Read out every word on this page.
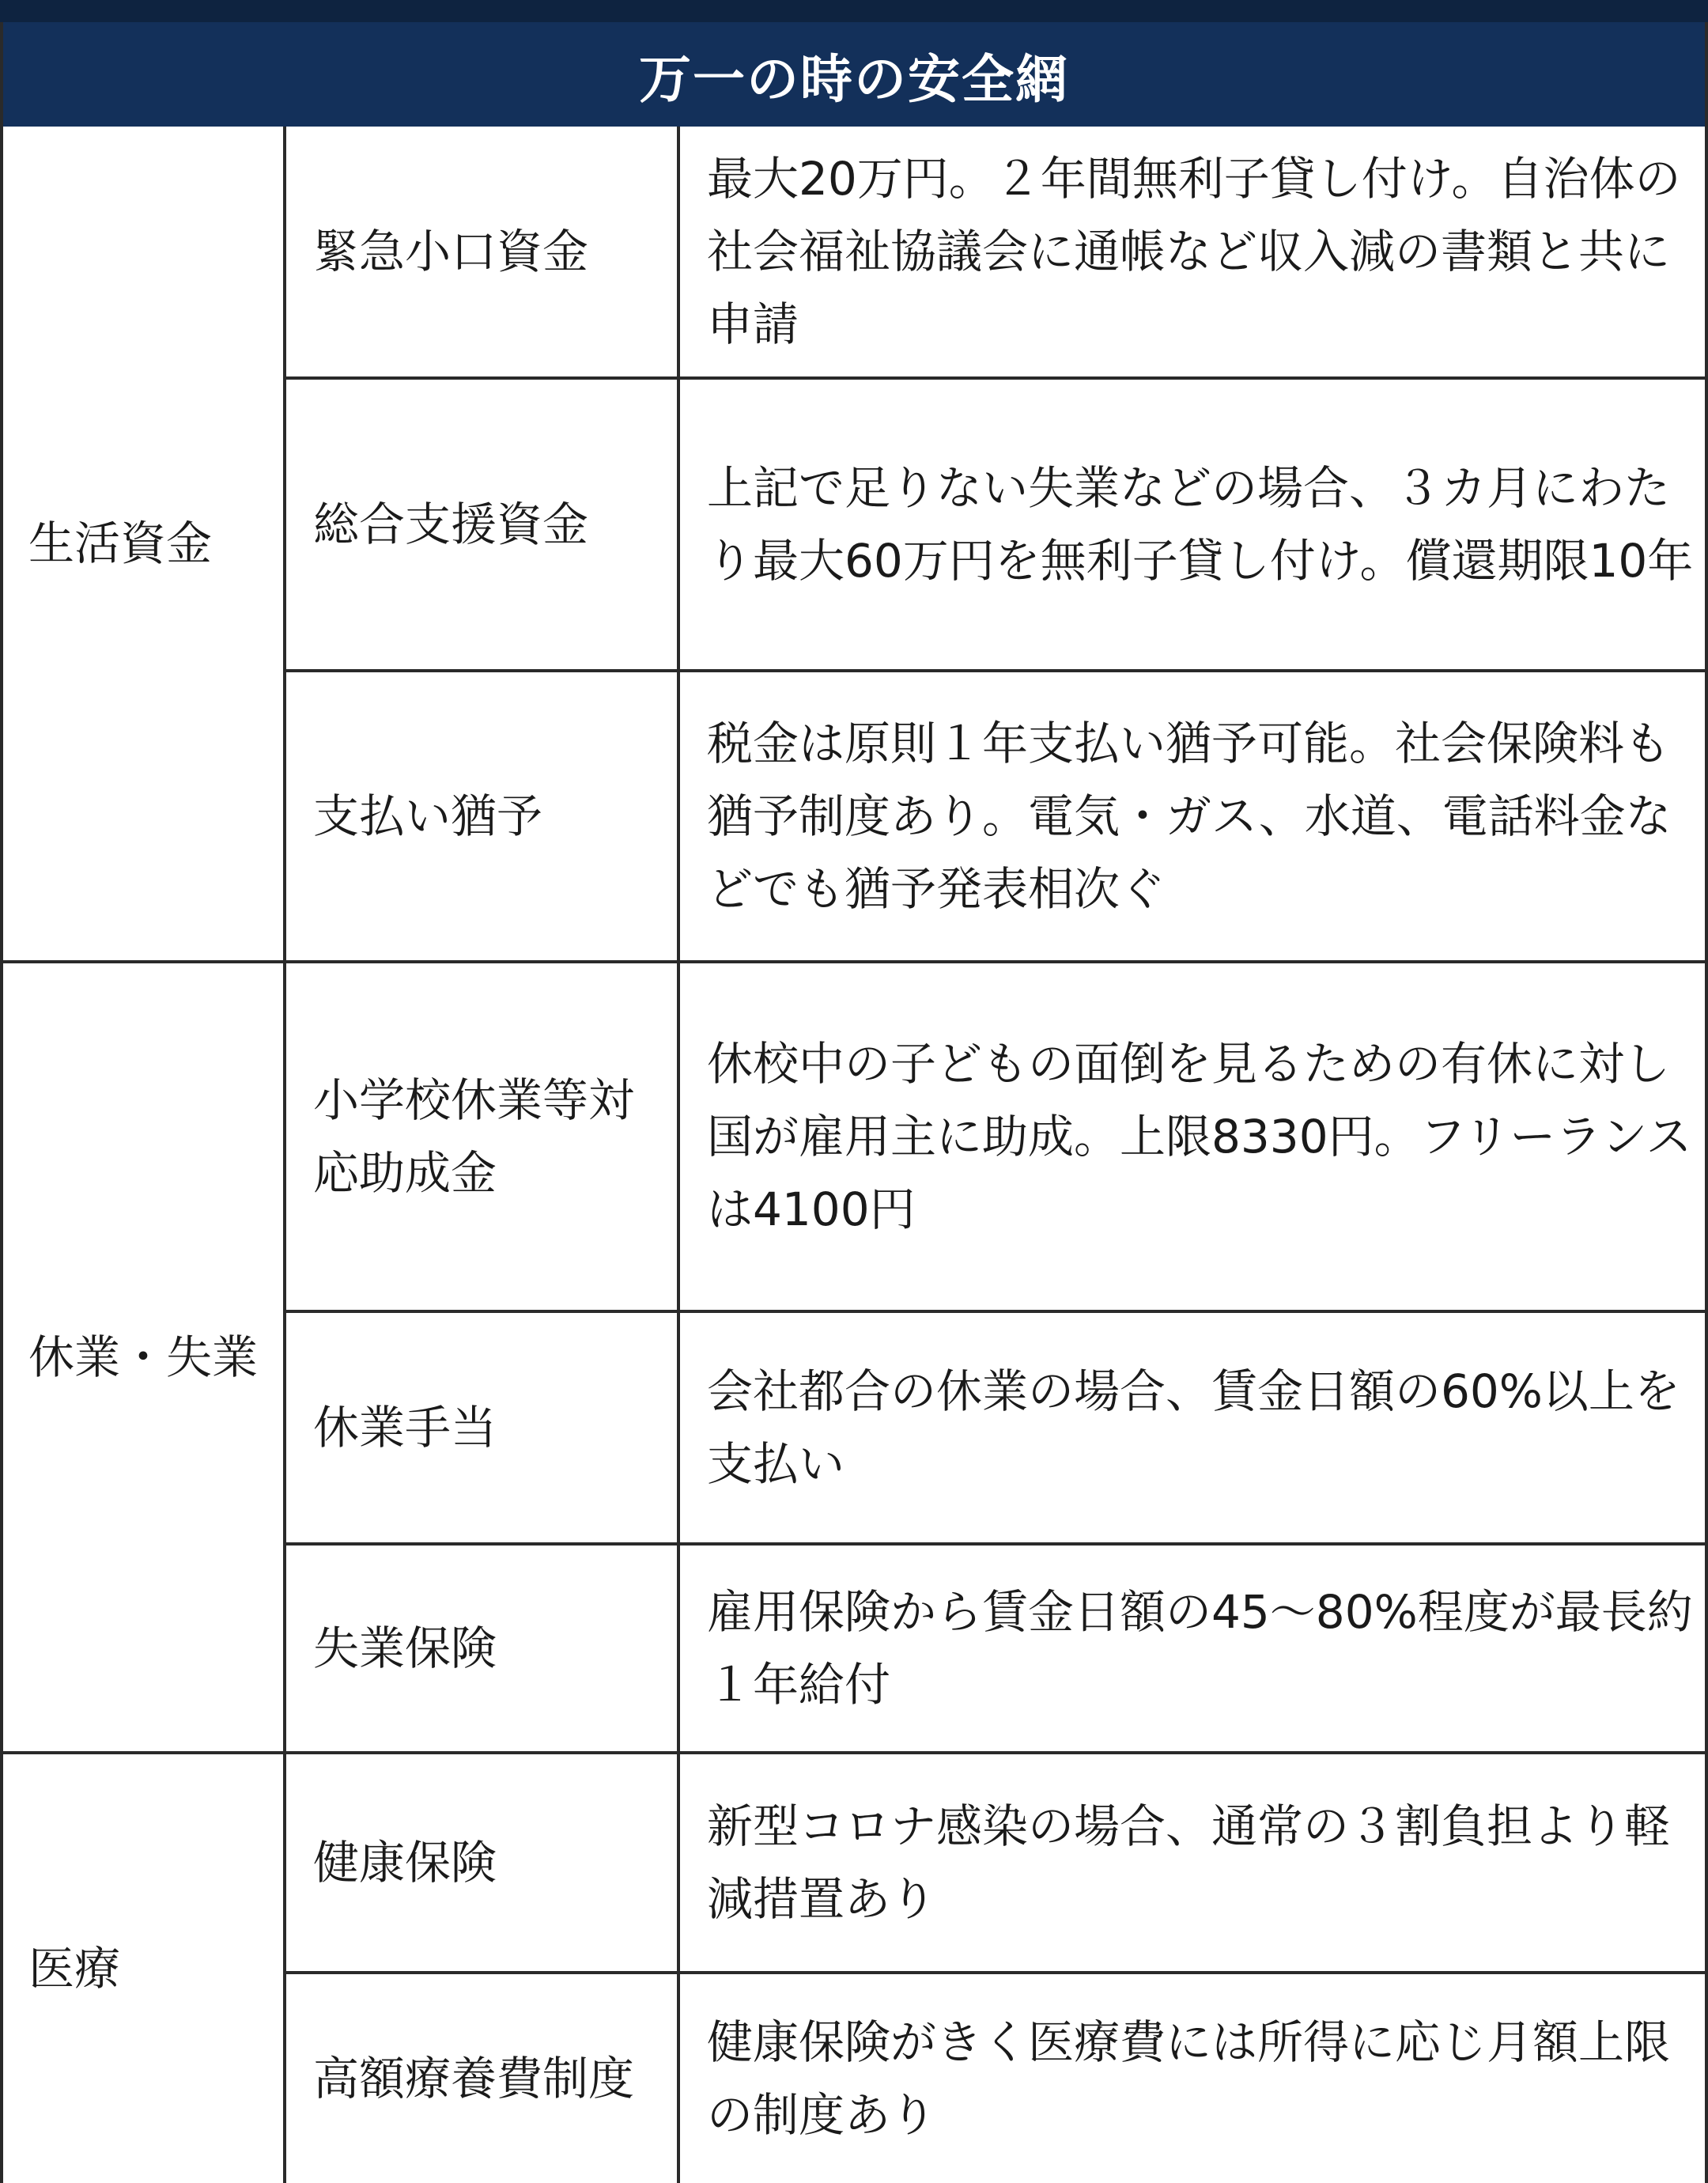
万一の時の安全網
生活資金
緊急小口資金
最大20万円。２年間無利子貸し付け。自治体の社会福祉協議会に通帳など収入減の書類と共に申請
総合支援資金
上記で足りない失業などの場合、３カ月にわたり最大60万円を無利子貸し付け。償還期限10年
支払い猶予
税金は原則１年支払い猶予可能。社会保険料も猶予制度あり。電気・ガス、水道、電話料金などでも猶予発表相次ぐ
休業・失業
小学校休業等対応助成金
休校中の子どもの面倒を見るための有休に対し国が雇用主に助成。上限8330円。フリーランスは4100円
休業手当
会社都合の休業の場合、賃金日額の60%以上を支払い
失業保険
雇用保険から賃金日額の45～80%程度が最長約１年給付
医療
健康保険
新型コロナ感染の場合、通常の３割負担より軽減措置あり
高額療養費制度
健康保険がきく医療費には所得に応じ月額上限の制度あり
